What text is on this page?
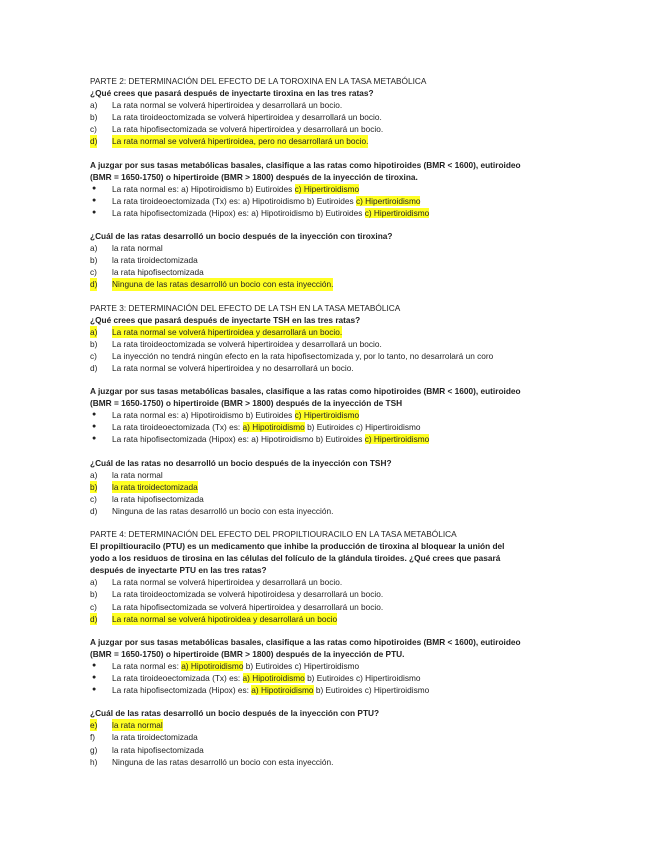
PARTE 2: DETERMINACIÓN DEL EFECTO DE LA TOROXINA EN LA TASA METABÓLICA
¿Qué crees que pasará después de inyectarte tiroxina en las tres ratas?
a) La rata normal se volverá hipertiroidea y desarrollará un bocio.
b) La rata tiroideoctomizada se volverá hipertiroidea y desarrollará un bocio.
c) La rata hipofisectomizada se volverá hipertiroidea y desarrollará un bocio.
d) La rata normal se volverá hipertiroidea, pero no desarrollará un bocio.
A juzgar por sus tasas metabólicas basales, clasifique a las ratas como hipotiroides (BMR < 1600), eutiroideo
(BMR = 1650-1750) o hipertiroide (BMR > 1800) después de la inyección de tiroxina.
● La rata normal es: a) Hipotiroidismo b) Eutiroides c) Hipertiroidismo
● La rata tiroideoectomizada (Tx) es: a) Hipotiroidismo b) Eutiroides c) Hipertiroidismo
● La rata hipofisectomizada (Hipox) es: a) Hipotiroidismo b) Eutiroides c) Hipertiroidismo
¿Cuál de las ratas desarrolló un bocio después de la inyección con tiroxina?
a) la rata normal
b) la rata tiroidectomizada
c) la rata hipofisectomizada
d) Ninguna de las ratas desarrolló un bocio con esta inyección.
PARTE 3: DETERMINACIÓN DEL EFECTO DE LA TSH EN LA TASA METABÓLICA
¿Qué crees que pasará después de inyectarte TSH en las tres ratas?
a) La rata normal se volverá hipertiroidea y desarrollará un bocio.
b) La rata tiroideoctomizada se volverá hipertiroidea y desarrollará un bocio.
c) La inyección no tendrá ningún efecto en la rata hipofisectomizada y, por lo tanto, no desarrolará un coro
d) La rata normal se volverá hipertiroidea y no desarrollará un bocio.
A juzgar por sus tasas metabólicas basales, clasifique a las ratas como hipotiroides (BMR < 1600), eutiroideo
(BMR = 1650-1750) o hipertiroide (BMR > 1800) después de la inyección de TSH
● La rata normal es: a) Hipotiroidismo b) Eutiroides c) Hipertiroidismo
● La rata tiroideoectomizada (Tx) es: a) Hipotiroidismo b) Eutiroides c) Hipertiroidismo
● La rata hipofisectomizada (Hipox) es: a) Hipotiroidismo b) Eutiroides c) Hipertiroidismo
¿Cuál de las ratas no desarrolló un bocio después de la inyección con TSH?
a) la rata normal
b) la rata tiroidectomizada
c) la rata hipofisectomizada
d) Ninguna de las ratas desarrolló un bocio con esta inyección.
PARTE 4: DETERMINACIÓN DEL EFECTO DEL PROPILTIOURACILO EN LA TASA METABÓLICA
El propiltiouracilo (PTU) es un medicamento que inhibe la producción de tiroxina al bloquear la unión del
yodo a los residuos de tirosina en las células del folículo de la glándula tiroides. ¿Qué crees que pasará
después de inyectarte PTU en las tres ratas?
a) La rata normal se volverá hipertiroidea y desarrollará un bocio.
b) La rata tiroideoctomizada se volverá hipotiroidesa y desarrollará un bocio.
c) La rata hipofisectomizada se volverá hipertiroidea y desarrollará un bocio.
d) La rata normal se volverá hipotiroidea y desarrollará un bocio
A juzgar por sus tasas metabólicas basales, clasifique a las ratas como hipotiroides (BMR < 1600), eutiroideo
(BMR = 1650-1750) o hipertiroide (BMR > 1800) después de la inyección de PTU.
● La rata normal es: a) Hipotiroidismo b) Eutiroides c) Hipertiroidismo
● La rata tiroideoectomizada (Tx) es: a) Hipotiroidismo b) Eutiroides c) Hipertiroidismo
● La rata hipofisectomizada (Hipox) es: a) Hipotiroidismo b) Eutiroides c) Hipertiroidismo
¿Cuál de las ratas desarrolló un bocio después de la inyección con PTU?
e) la rata normal
f) la rata tiroidectomizada
g) la rata hipofisectomizada
h) Ninguna de las ratas desarrolló un bocio con esta inyección.
